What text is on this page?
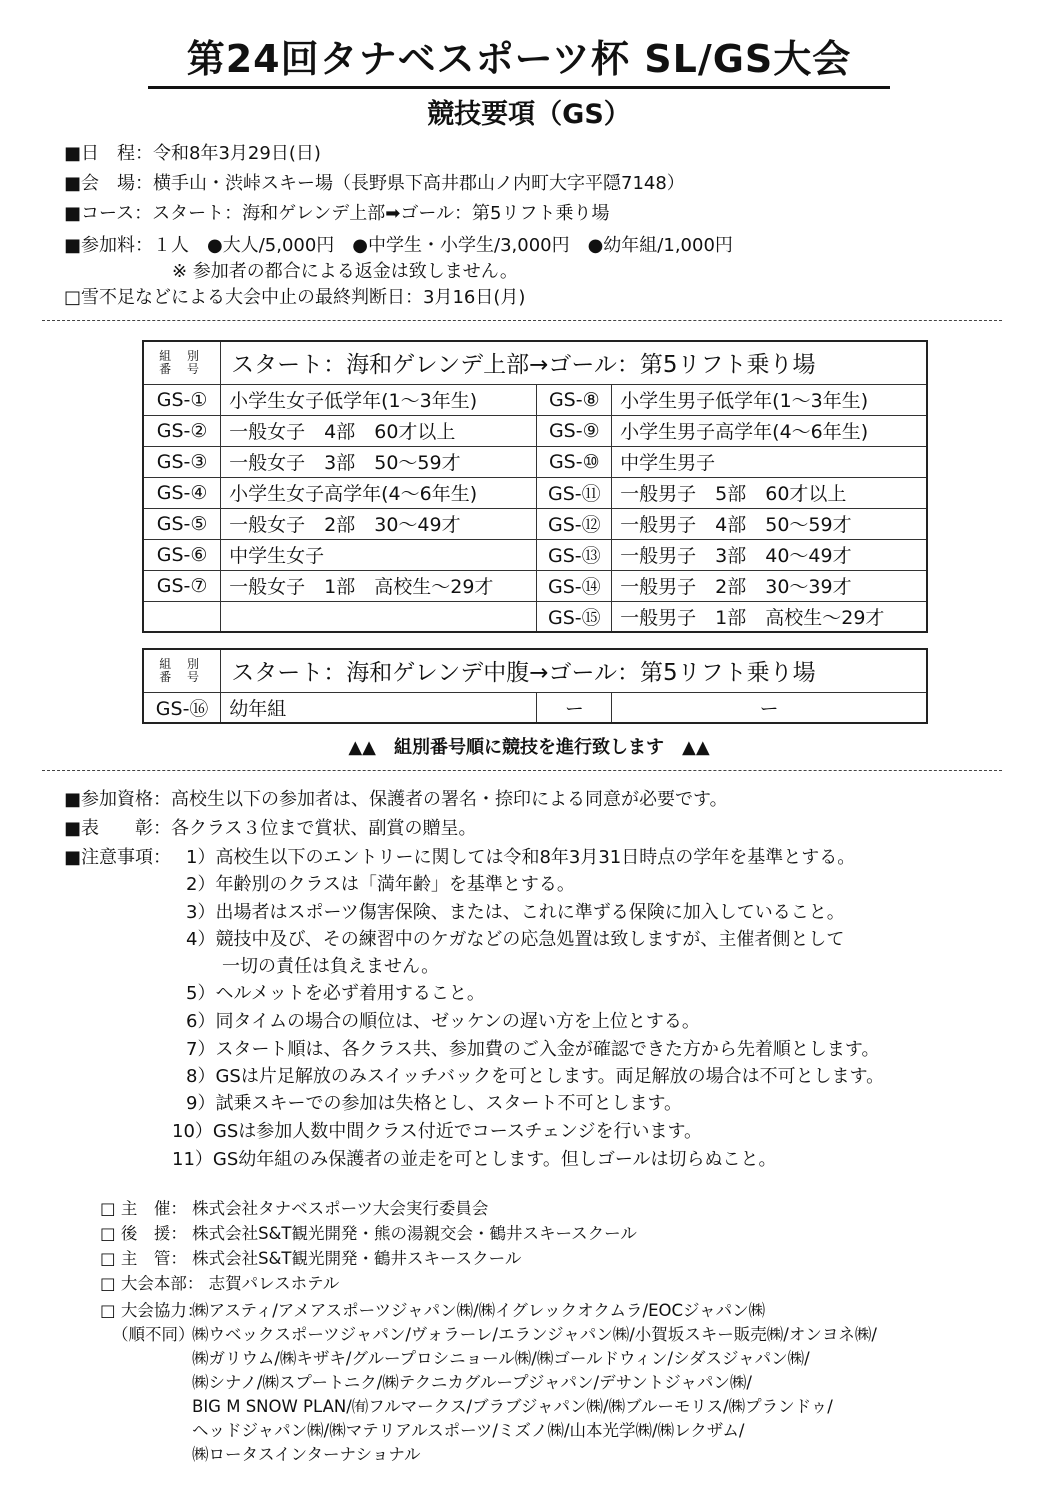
第24回タナベスポーツ杯 SL/GS大会
競技要項（GS）
■日　程：令和8年3月29日(日)
■会　場：横手山・渋峠スキー場（長野県下高井郡山ノ内町大字平隠7148）
■コース：スタート：海和ゲレンデ上部➡ゴール：第5リフト乗り場
■参加料：１人　●大人/5,000円　●中学生・小学生/3,000円　●幼年組/1,000円
※ 参加者の都合による返金は致しません。
□雪不足などによる大会中止の最終判断日：3月16日(月)
組 別
番 号	スタート：海和ゲレンデ上部→ゴール：第5リフト乗り場		
GS-①	小学生女子低学年(1～3年生)	GS-⑧	小学生男子低学年(1～3年生)
GS-②	一般女子　4部　60才以上	GS-⑨	小学生男子高学年(4～6年生)
GS-③	一般女子　3部　50～59才	GS-⑩	中学生男子
GS-④	小学生女子高学年(4～6年生)	GS-⑪	一般男子　5部　60才以上
GS-⑤	一般女子　2部　30～49才	GS-⑫	一般男子　4部　50～59才
GS-⑥	中学生女子	GS-⑬	一般男子　3部　40～49才
GS-⑦	一般女子　1部　高校生～29才	GS-⑭	一般男子　2部　30～39才
		GS-⑮	一般男子　1部　高校生～29才
組 別
番 号	スタート：海和ゲレンデ中腹→ゴール：第5リフト乗り場		
GS-⑯	幼年組	ー	ー
▲▲　組別番号順に競技を進行致します　▲▲
■参加資格：高校生以下の参加者は、保護者の署名・捺印による同意が必要です。
■表　　彰：各クラス３位まで賞状、副賞の贈呈。
■注意事項： 1）高校生以下のエントリーに関しては令和8年3月31日時点の学年を基準とする。
2）年齢別のクラスは「満年齢」を基準とする。
3）出場者はスポーツ傷害保険、または、これに準ずる保険に加入していること。
4）競技中及び、その練習中のケガなどの応急処置は致しますが、主催者側として
一切の責任は負えません。
5）ヘルメットを必ず着用すること。
6）同タイムの場合の順位は、ゼッケンの遅い方を上位とする。
7）スタート順は、各クラス共、参加費のご入金が確認できた方から先着順とします。
8）GSは片足解放のみスイッチバックを可とします。両足解放の場合は不可とします。
9）試乗スキーでの参加は失格とし、スタート不可とします。
10）GSは参加人数中間クラス付近でコースチェンジを行います。
11）GS幼年組のみ保護者の並走を可とします。但しゴールは切らぬこと。
□ 主　催： 株式会社タナベスポーツ大会実行委員会
□ 後　援： 株式会社S&T観光開発・熊の湯親交会・鶴井スキースクール
□ 主　管： 株式会社S&T観光開発・鶴井スキースクール
□ 大会本部： 志賀パレスホテル
□ 大会協力：
（順不同）
㈱アスティ/アメアスポーツジャパン㈱/㈱イグレックオクムラ/EOCジャパン㈱
㈱ウベックスポーツジャパン/ヴォラーレ/エランジャパン㈱/小賀坂スキー販売㈱/オンヨネ㈱/
㈱ガリウム/㈱キザキ/グループロシニョール㈱/㈱ゴールドウィン/シダスジャパン㈱/
㈱シナノ/㈱スプートニク/㈱テクニカグループジャパン/デサントジャパン㈱/
BIG M SNOW PLAN/㈲フルマークス/ブラブジャパン㈱/㈱ブルーモリス/㈱プランドゥ/
ヘッドジャパン㈱/㈱マテリアルスポーツ/ミズノ㈱/山本光学㈱/㈱レクザム/
㈱ロータスインターナショナル
